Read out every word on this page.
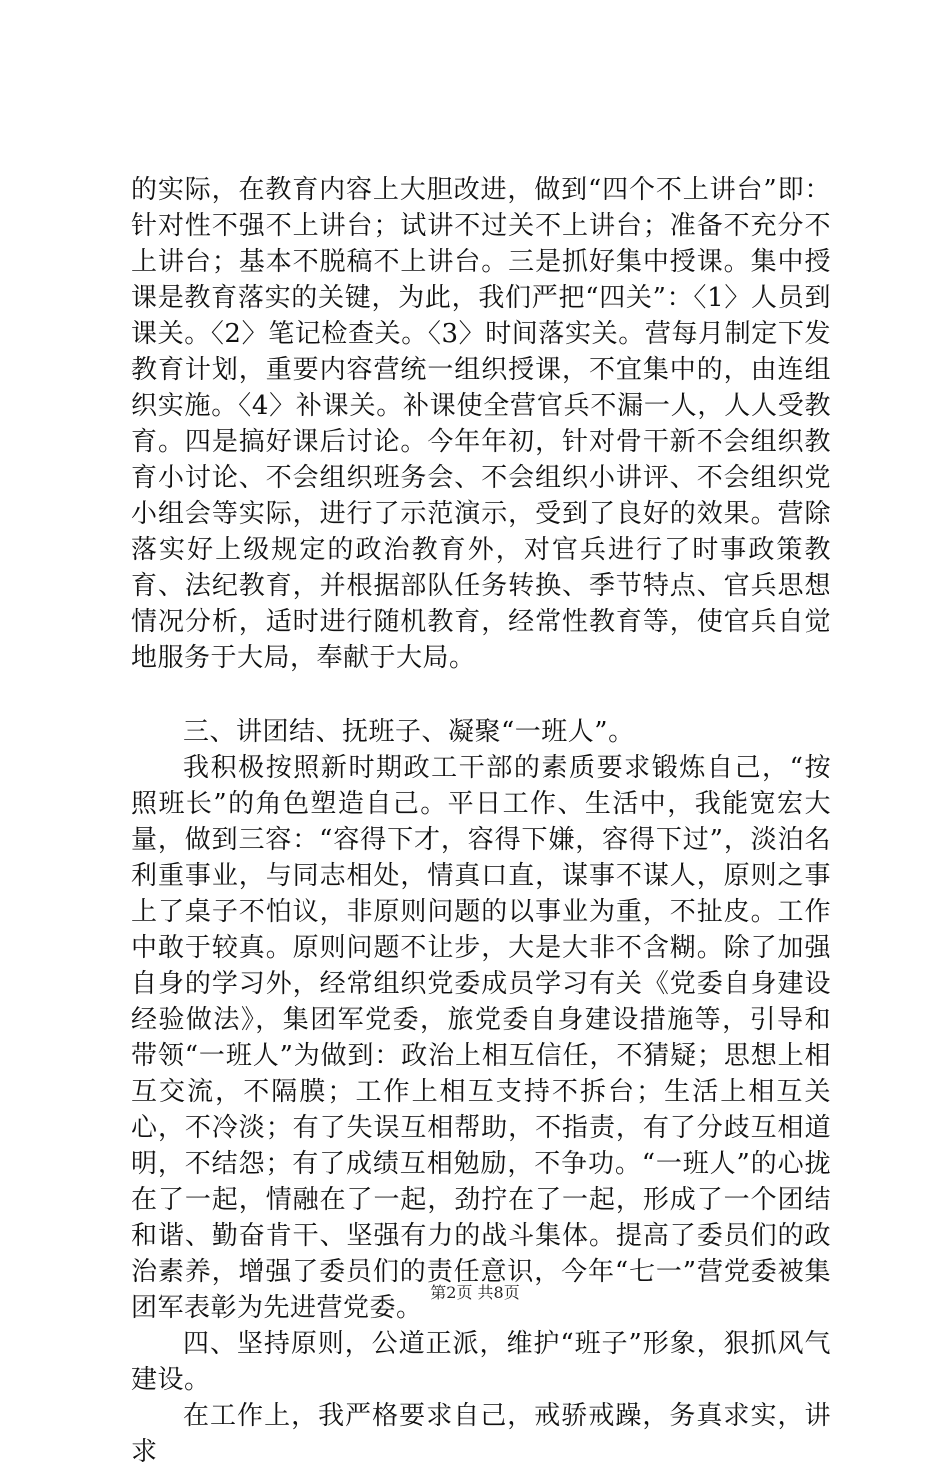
的实际，在教育内容上大胆改进，做到“四个不上讲台”即：针对性不强不上讲台；试讲不过关不上讲台；准备不充分不上讲台；基本不脱稿不上讲台。三是抓好集中授课。集中授课是教育落实的关键，为此，我们严把“四关”：〈1〉人员到课关。〈2〉笔记检查关。〈3〉时间落实关。营每月制定下发教育计划，重要内容营统一组织授课，不宜集中的，由连组织实施。〈4〉补课关。补课使全营官兵不漏一人，人人受教育。四是搞好课后讨论。今年年初，针对骨干新不会组织教育小讨论、不会组织班务会、不会组织小讲评、不会组织党小组会等实际，进行了示范演示，受到了良好的效果。营除落实好上级规定的政治教育外，对官兵进行了时事政策教育、法纪教育，并根据部队任务转换、季节特点、官兵思想情况分析，适时进行随机教育，经常性教育等，使官兵自觉地服务于大局，奉献于大局。

三、讲团结、抚班子、凝聚“一班人”。

我积极按照新时期政工干部的素质要求锻炼自己，“按照班长”的角色塑造自己。平日工作、生活中，我能宽宏大量，做到三容：“容得下才，容得下嫌，容得下过”，淡泊名利重事业，与同志相处，情真口直，谋事不谋人，原则之事上了桌子不怕议，非原则问题的以事业为重，不扯皮。工作中敢于较真。原则问题不让步，大是大非不含糊。除了加强自身的学习外，经常组织党委成员学习有关《党委自身建设经验做法》，集团军党委，旅党委自身建设措施等，引导和带领“一班人”为做到：政治上相互信任，不猜疑；思想上相互交流，不隔膜；工作上相互支持不拆台；生活上相互关心，不冷淡；有了失误互相帮助，不指责，有了分歧互相道明，不结怨；有了成绩互相勉励，不争功。“一班人”的心拢在了一起，情融在了一起，劲拧在了一起，形成了一个团结和谐、勤奋肯干、坚强有力的战斗集体。提高了委员们的政治素养，增强了委员们的责任意识，今年“七一”营党委被集团军表彰为先进营党委。

四、坚持原则，公道正派，维护“班子”形象，狠抓风气建设。

在工作上，我严格要求自己，戒骄戒躁，务真求实，讲求

第2页 共8页
